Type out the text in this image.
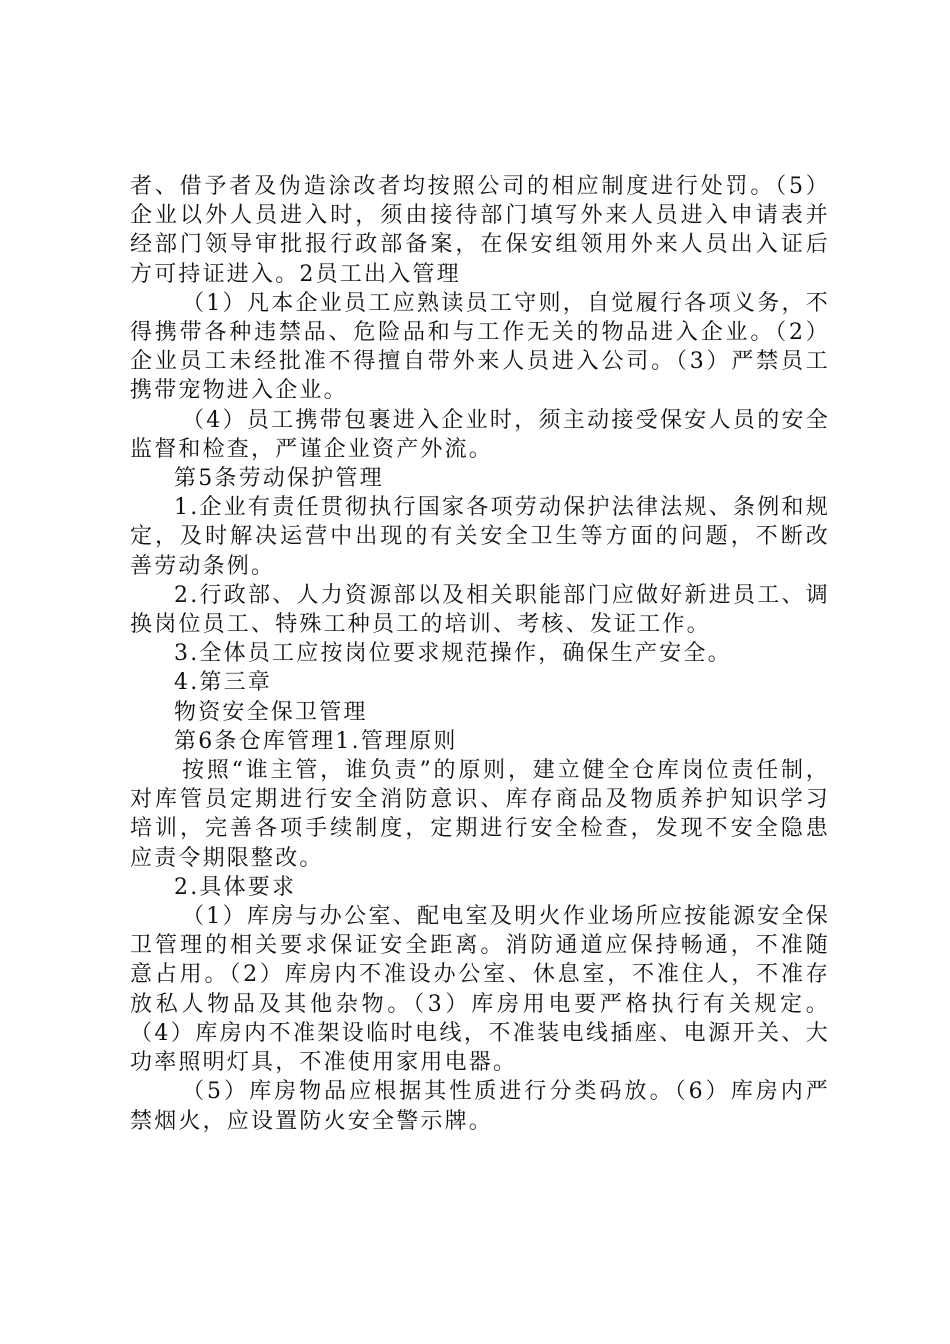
者、借予者及伪造涂改者均按照公司的相应制度进行处罚。（5）企业以外人员进入时，须由接待部门填写外来人员进入申请表并经部门领导审批报行政部备案，在保安组领用外来人员出入证后方可持证进入。2员工出入管理

（1）凡本企业员工应熟读员工守则，自觉履行各项义务，不得携带各种违禁品、危险品和与工作无关的物品进入企业。（2）企业员工未经批准不得擅自带外来人员进入公司。（3）严禁员工携带宠物进入企业。

（4）员工携带包裹进入企业时，须主动接受保安人员的安全监督和检查，严谨企业资产外流。

第5条劳动保护管理

1.企业有责任贯彻执行国家各项劳动保护法律法规、条例和规定，及时解决运营中出现的有关安全卫生等方面的问题，不断改善劳动条例。

2.行政部、人力资源部以及相关职能部门应做好新进员工、调换岗位员工、特殊工种员工的培训、考核、发证工作。

3.全体员工应按岗位要求规范操作，确保生产安全。

4.第三章

物资安全保卫管理

第6条仓库管理1.管理原则

按照“谁主管，谁负责”的原则，建立健全仓库岗位责任制，对库管员定期进行安全消防意识、库存商品及物质养护知识学习培训，完善各项手续制度，定期进行安全检查，发现不安全隐患应责令期限整改。

2.具体要求

（1）库房与办公室、配电室及明火作业场所应按能源安全保卫管理的相关要求保证安全距离。消防通道应保持畅通，不准随意占用。（2）库房内不准设办公室、休息室，不准住人，不准存放私人物品及其他杂物。（3）库房用电要严格执行有关规定。（4）库房内不准架设临时电线，不准装电线插座、电源开关、大功率照明灯具，不准使用家用电器。

（5）库房物品应根据其性质进行分类码放。（6）库房内严禁烟火，应设置防火安全警示牌。
